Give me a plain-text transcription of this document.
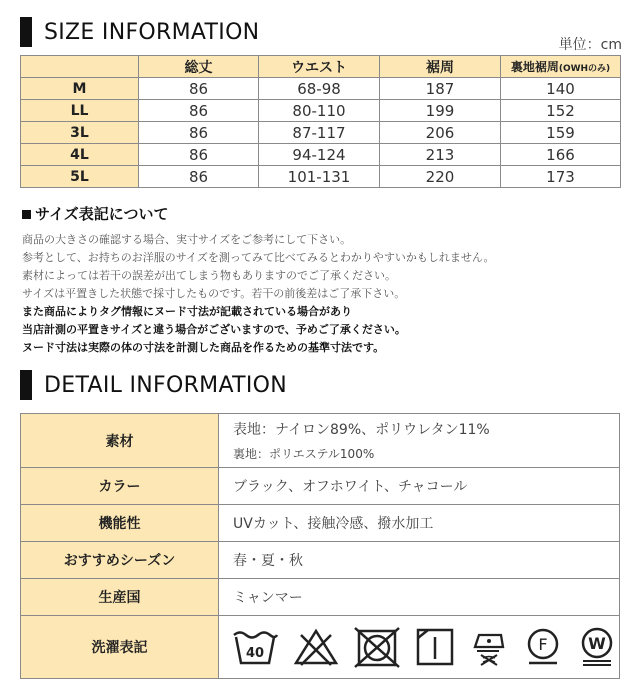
SIZE INFORMATION
単位：cm
	総丈	ウエスト	裾周	裏地裾周(OWHのみ)
M	86	68-98	187	140
LL	86	80-110	199	152
3L	86	87-117	206	159
4L	86	94-124	213	166
5L	86	101-131	220	173
サイズ表記について
商品の大きさの確認する場合、実寸サイズをご参考にして下さい。
参考として、お持ちのお洋服のサイズを測ってみて比べてみるとわかりやすいかもしれません。
素材によっては若干の誤差が出てしまう物もありますのでご了承ください。
サイズは平置きした状態で採寸したものです。若干の前後差はご了承下さい。
また商品によりタグ情報にヌード寸法が記載されている場合があり
当店計測の平置きサイズと違う場合がございますので、予めご了承ください。
ヌード寸法は実際の体の寸法を計測した商品を作るための基準寸法です。
DETAIL INFORMATION
素材	表地：ナイロン89%、ポリウレタン11%
裏地：ポリエステル100%

カラー	ブラック、オフホワイト、チャコール
機能性	UVカット、接触冷感、撥水加工
おすすめシーズン	春・夏・秋
生産国	ミャンマー
洗濯表記	40 F W
